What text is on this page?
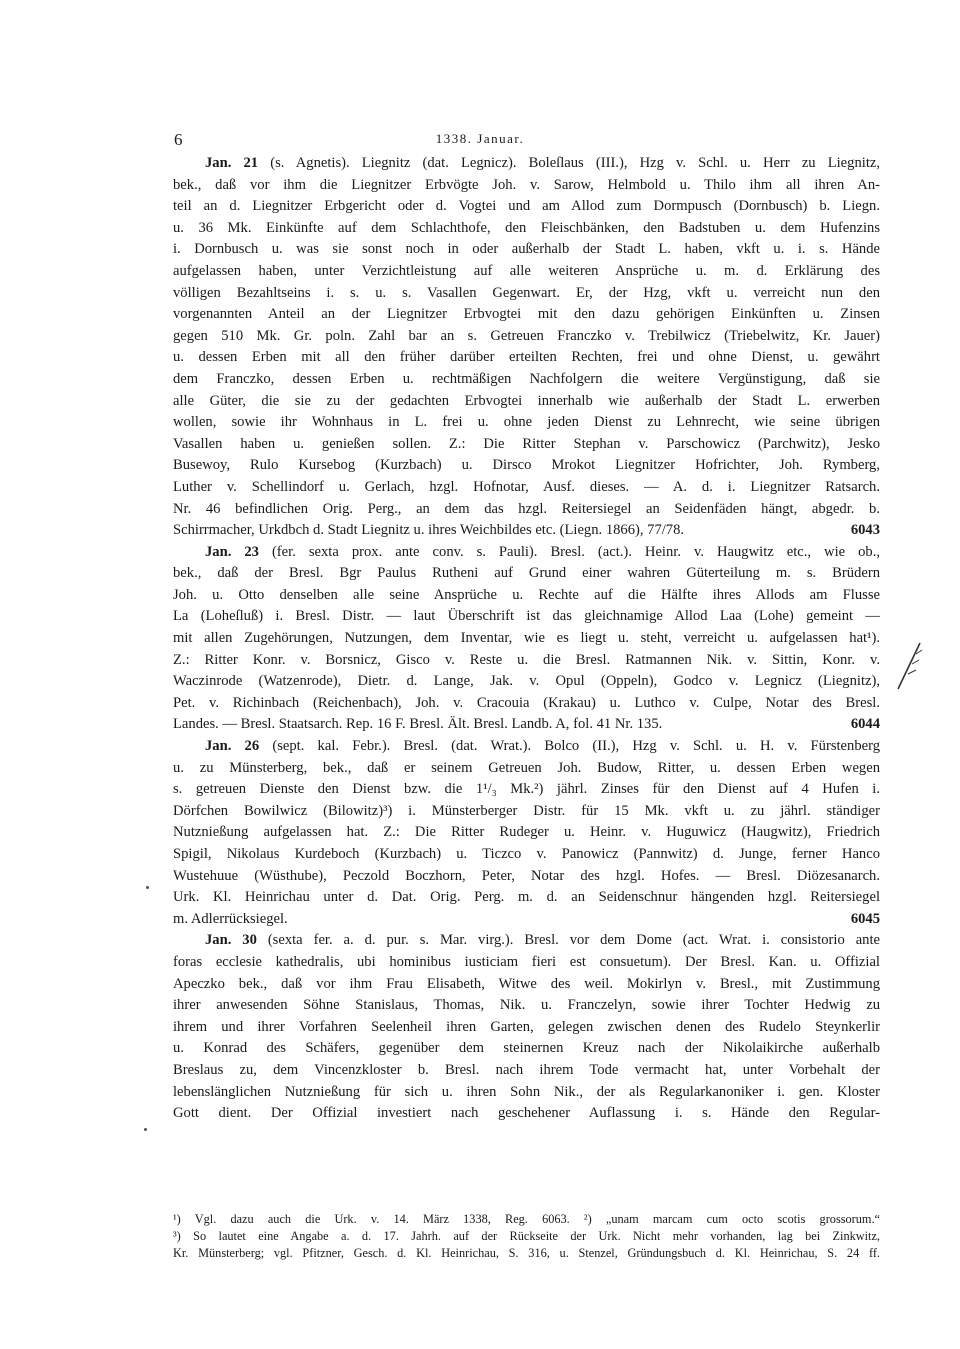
6	1338. Januar.
Jan. 21 (s. Agnetis). Liegnitz (dat. Legnicz). Boleſlaus (III.), Hzg v. Schl. u. Herr zu Liegnitz,
bek., daß vor ihm die Liegnitzer Erbvögte Joh. v. Sarow, Helmbold u. Thilo ihm all ihren An-
teil an d. Liegnitzer Erbgericht oder d. Vogtei und am Allod zum Dormpusch (Dornbusch) b. Liegn.
u. 36 Mk. Einkünfte auf dem Schlachthofe, den Fleischbänken, den Badstuben u. dem Hufenzins
i. Dornbusch u. was sie sonst noch in oder außerhalb der Stadt L. haben, vkft u. i. s. Hände
aufgelassen haben, unter Verzichtleistung auf alle weiteren Ansprüche u. m. d. Erklärung des
völligen Bezahltseins i. s. u. s. Vasallen Gegenwart. Er, der Hzg, vkft u. verreicht nun den
vorgenannten Anteil an der Liegnitzer Erbvogtei mit den dazu gehörigen Einkünften u. Zinsen
gegen 510 Mk. Gr. poln. Zahl bar an s. Getreuen Franczko v. Trebilwicz (Triebelwitz, Kr. Jauer)
u. dessen Erben mit all den früher darüber erteilten Rechten, frei und ohne Dienst, u. gewährt
dem Franczko, dessen Erben u. rechtmäßigen Nachfolgern die weitere Vergünstigung, daß sie
alle Güter, die sie zu der gedachten Erbvogtei innerhalb wie außerhalb der Stadt L. erwerben
wollen, sowie ihr Wohnhaus in L. frei u. ohne jeden Dienst zu Lehnrecht, wie seine übrigen
Vasallen haben u. genießen sollen. Z.: Die Ritter Stephan v. Parschowicz (Parchwitz), Jesko
Busewoy, Rulo Kursebog (Kurzbach) u. Dirsco Mrokot Liegnitzer Hofrichter, Joh. Rymberg,
Luther v. Schellindorf u. Gerlach, hzgl. Hofnotar, Ausf. dieses. — A. d. i. Liegnitzer Ratsarch.
Nr. 46 befindlichen Orig. Perg., an dem das hzgl. Reitersiegel an Seidenfäden hängt, abgedr. b.
Schirrmacher, Urkdbch d. Stadt Liegnitz u. ihres Weichbildes etc. (Liegn. 1866), 77/78.	6043
Jan. 23 (fer. sexta prox. ante conv. s. Pauli). Bresl. (act.). Heinr. v. Haugwitz etc., wie ob.,
bek., daß der Bresl. Bgr Paulus Rutheni auf Grund einer wahren Güterteilung m. s. Brüdern
Joh. u. Otto denselben alle seine Ansprüche u. Rechte auf die Hälfte ihres Allods am Flusse
La (Loheſluß) i. Bresl. Distr. — laut Überschrift ist das gleichnamige Allod Laa (Lohe) gemeint —
mit allen Zugehörungen, Nutzungen, dem Inventar, wie es liegt u. steht, verreicht u. aufgelassen hat¹).
Z.: Ritter Konr. v. Borsnicz, Gisco v. Reste u. die Bresl. Ratmannen Nik. v. Sittin, Konr. v.
Waczinrode (Watzenrode), Dietr. d. Lange, Jak. v. Opul (Oppeln), Godco v. Legnicz (Liegnitz),
Pet. v. Richinbach (Reichenbach), Joh. v. Cracouia (Krakau) u. Luthco v. Culpe, Notar des Bresl.
Landes. — Bresl. Staatsarch. Rep. 16 F. Bresl. Ält. Bresl. Landb. A, fol. 41 Nr. 135.	6044
Jan. 26 (sept. kal. Febr.). Bresl. (dat. Wrat.). Bolco (II.), Hzg v. Schl. u. H. v. Fürstenberg
u. zu Münsterberg, bek., daß er seinem Getreuen Joh. Budow, Ritter, u. dessen Erben wegen
s. getreuen Dienste den Dienst bzw. die 1¹/₃ Mk.²) jährl. Zinses für den Dienst auf 4 Hufen i.
Dörfchen Bowilwicz (Bilowitz)³) i. Münsterberger Distr. für 15 Mk. vkft u. zu jährl. ständiger
Nutznießung aufgelassen hat. Z.: Die Ritter Rudeger u. Heinr. v. Huguwicz (Haugwitz), Friedrich
Spigil, Nikolaus Kurdeboch (Kurzbach) u. Ticzco v. Panowicz (Pannwitz) d. Junge, ferner Hanco
Wustehuue (Wüsthube), Peczold Boczhorn, Peter, Notar des hzgl. Hofes. — Bresl. Diözesanarch.
Urk. Kl. Heinrichau unter d. Dat. Orig. Perg. m. d. an Seidenschnur hängenden hzgl. Reitersiegel
m. Adlerrücksiegel.	6045
Jan. 30 (sexta fer. a. d. pur. s. Mar. virg.). Bresl. vor dem Dome (act. Wrat. i. consistorio ante
foras ecclesie kathedralis, ubi hominibus iusticiam fieri est consuetum). Der Bresl. Kan. u. Offizial
Apeczko bek., daß vor ihm Frau Elisabeth, Witwe des weil. Mokirlyn v. Bresl., mit Zustimmung
ihrer anwesenden Söhne Stanislaus, Thomas, Nik. u. Franczelyn, sowie ihrer Tochter Hedwig zu
ihrem und ihrer Vorfahren Seelenheil ihren Garten, gelegen zwischen denen des Rudelo Steynkerlir
u. Konrad des Schäfers, gegenüber dem steinernen Kreuz nach der Nikolaikirche außerhalb
Breslaus zu, dem Vincenzkloster b. Bresl. nach ihrem Tode vermacht hat, unter Vorbehalt der
lebenslänglichen Nutznießung für sich u. ihren Sohn Nik., der als Regularkanoniker i. gen. Kloster
Gott dient. Der Offizial investiert nach geschehener Auflassung i. s. Hände den Regular-
¹) Vgl. dazu auch die Urk. v. 14. März 1338, Reg. 6063. ²) „unam marcam cum octo scotis grossorum.“
³) So lautet eine Angabe a. d. 17. Jahrh. auf der Rückseite der Urk. Nicht mehr vorhanden, lag bei Zinkwitz,
Kr. Münsterberg; vgl. Pfitzner, Gesch. d. Kl. Heinrichau, S. 316, u. Stenzel, Gründungsbuch d. Kl. Heinrichau, S. 24 ff.
